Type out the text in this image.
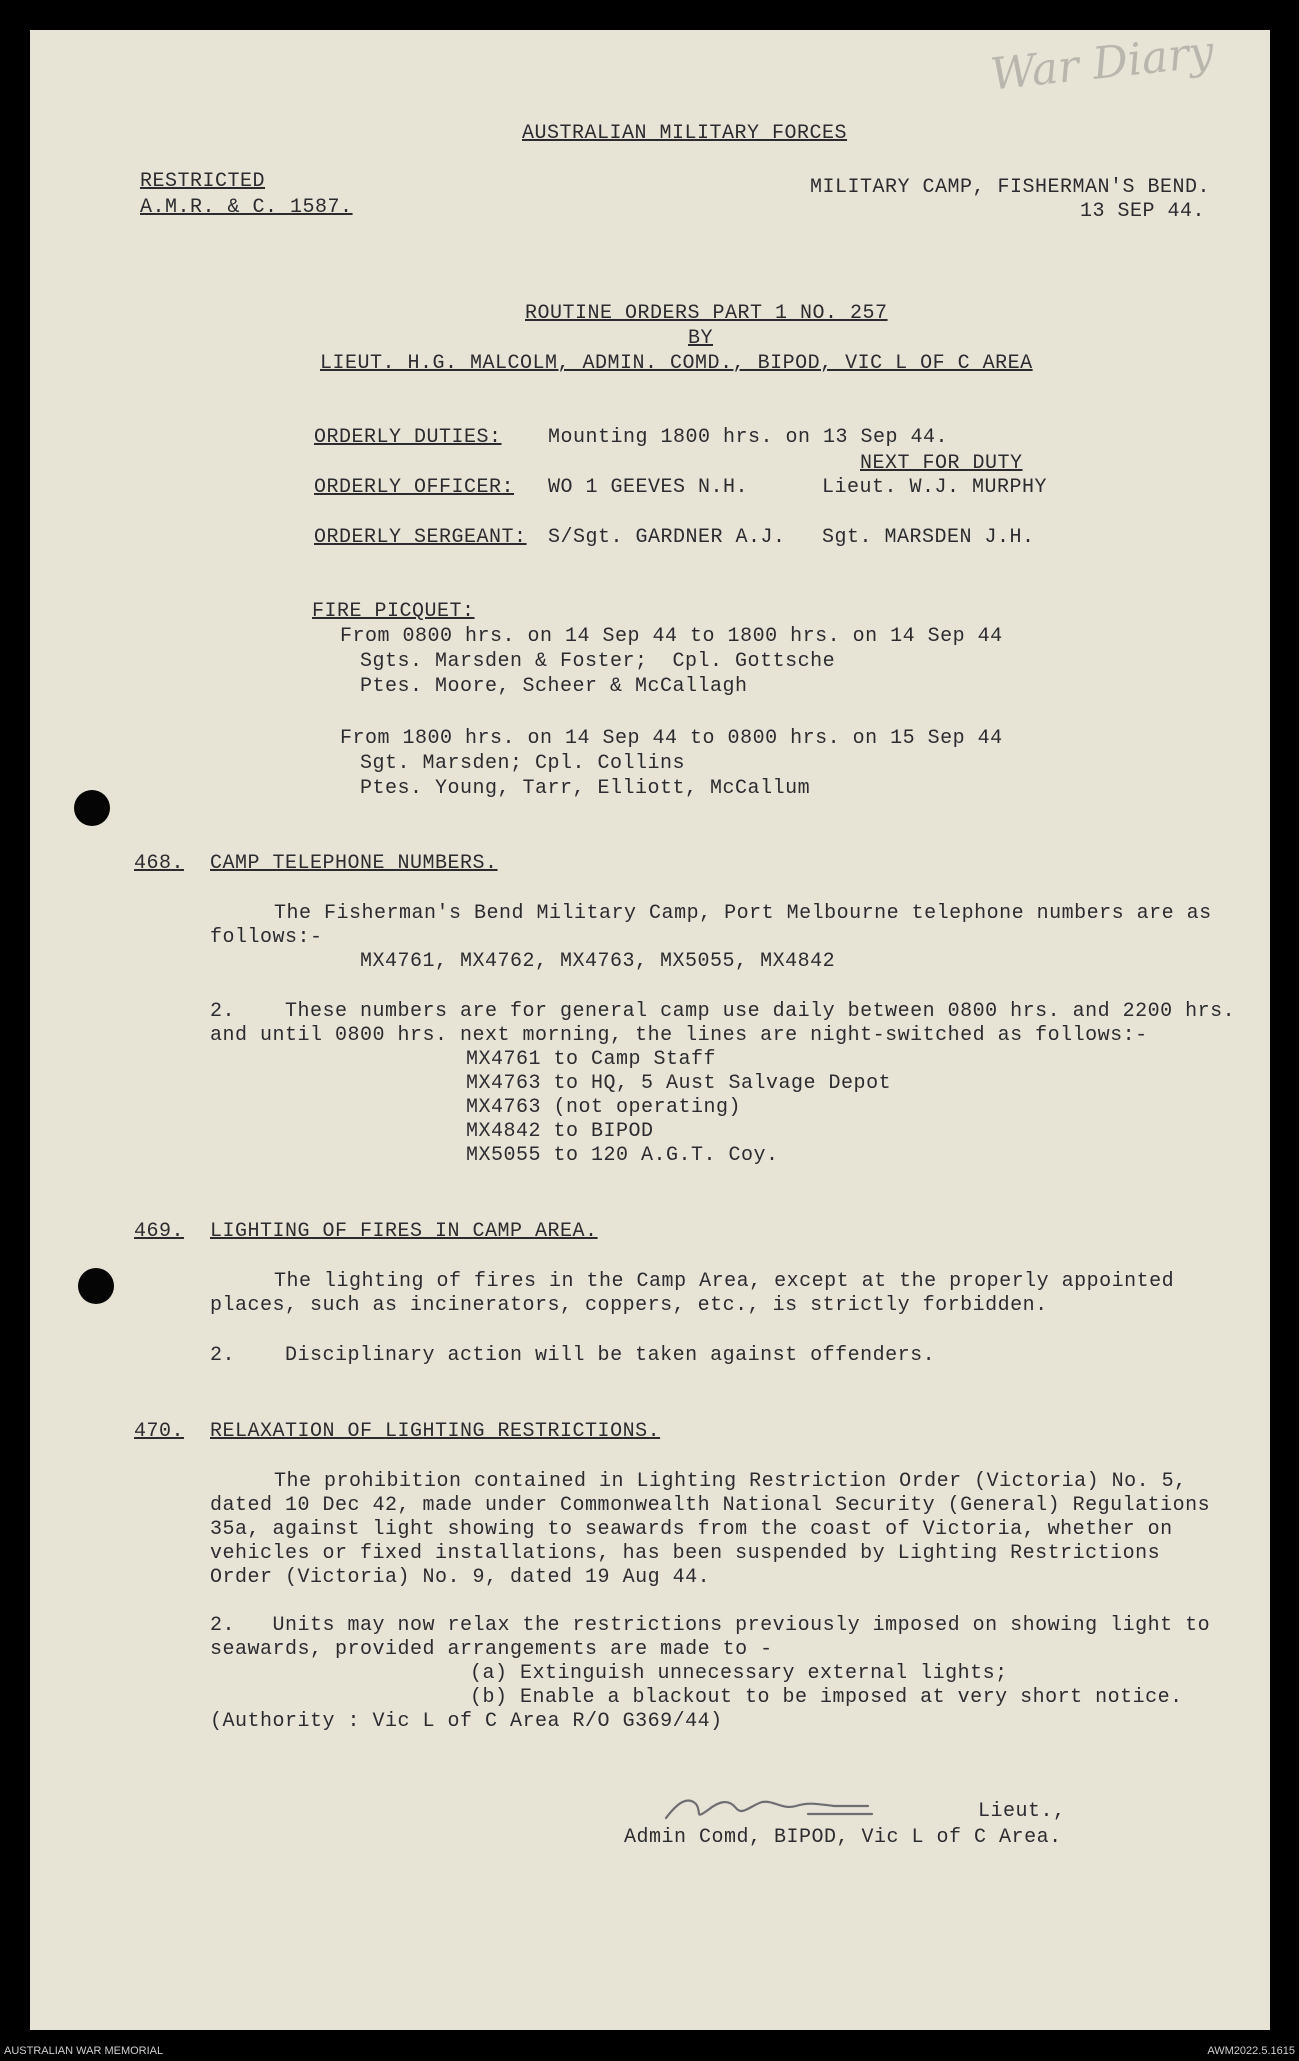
War Diary
AUSTRALIAN MILITARY FORCES
RESTRICTED
A.M.R. & C. 1587.
MILITARY CAMP, FISHERMAN'S BEND.
13 SEP 44.
ROUTINE ORDERS PART 1 NO. 257
BY
LIEUT. H.G. MALCOLM, ADMIN. COMD., BIPOD, VIC L OF C AREA
ORDERLY DUTIES: Mounting 1800 hrs. on 13 Sep 44.
NEXT FOR DUTY
ORDERLY OFFICER: WO 1 GEEVES N.H.	Lieut. W.J. MURPHY
ORDERLY SERGEANT: S/Sgt. GARDNER A.J. Sgt. MARSDEN J.H.
FIRE PICQUET:
From 0800 hrs. on 14 Sep 44 to 1800 hrs. on 14 Sep 44
Sgts. Marsden & Foster;  Cpl. Gottsche
Ptes. Moore, Scheer & McCallagh
From 1800 hrs. on 14 Sep 44 to 0800 hrs. on 15 Sep 44
Sgt. Marsden; Cpl. Collins
Ptes. Young, Tarr, Elliott, McCallum
468. CAMP TELEPHONE NUMBERS.
The Fisherman's Bend Military Camp, Port Melbourne telephone numbers are as
follows:-
MX4761, MX4762, MX4763, MX5055, MX4842
2.    These numbers are for general camp use daily between 0800 hrs. and 2200 hrs.
and until 0800 hrs. next morning, the lines are night-switched as follows:-
MX4761 to Camp Staff
MX4763 to HQ, 5 Aust Salvage Depot
MX4763 (not operating)
MX4842 to BIPOD
MX5055 to 120 A.G.T. Coy.
469. LIGHTING OF FIRES IN CAMP AREA.
The lighting of fires in the Camp Area, except at the properly appointed
places, such as incinerators, coppers, etc., is strictly forbidden.
2.    Disciplinary action will be taken against offenders.
470. RELAXATION OF LIGHTING RESTRICTIONS.
The prohibition contained in Lighting Restriction Order (Victoria) No. 5,
dated 10 Dec 42, made under Commonwealth National Security (General) Regulations
35a, against light showing to seawards from the coast of Victoria, whether on
vehicles or fixed installations, has been suspended by Lighting Restrictions
Order (Victoria) No. 9, dated 19 Aug 44.
2.   Units may now relax the restrictions previously imposed on showing light to
seawards, provided arrangements are made to -
(a) Extinguish unnecessary external lights;
(b) Enable a blackout to be imposed at very short notice.
(Authority : Vic L of C Area R/O G369/44)
Lieut.,
Admin Comd, BIPOD, Vic L of C Area.
AUSTRALIAN WAR MEMORIAL	AWM2022.5.1615
